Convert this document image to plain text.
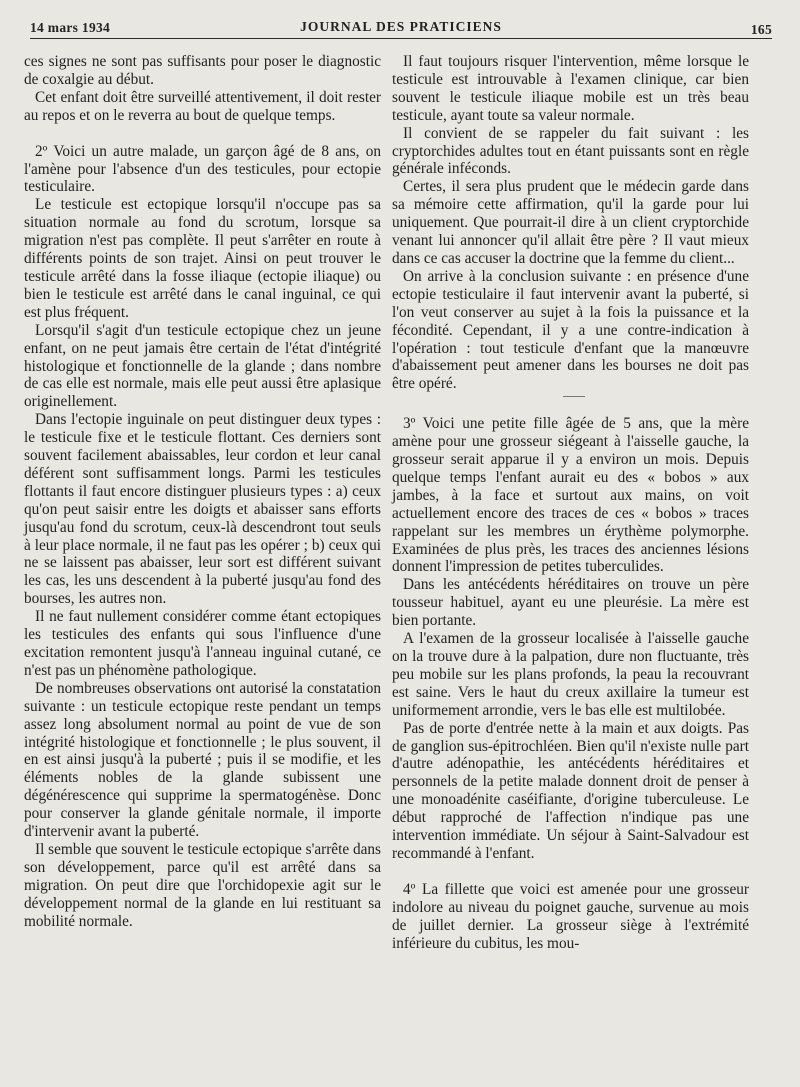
14 mars 1934	JOURNAL DES PRATICIENS	165

ces signes ne sont pas suffisants pour poser le diagnostic de coxalgie au début.

Cet enfant doit être surveillé attentivement, il doit rester au repos et on le reverra au bout de quelque temps.

2º Voici un autre malade, un garçon âgé de 8 ans, on l'amène pour l'absence d'un des testicules, pour ectopie testiculaire.

Le testicule est ectopique lorsqu'il n'occupe pas sa situation normale au fond du scrotum, lorsque sa migration n'est pas complète. Il peut s'arrêter en route à différents points de son trajet. Ainsi on peut trouver le testicule arrêté dans la fosse iliaque (ectopie iliaque) ou bien le testicule est arrêté dans le canal inguinal, ce qui est plus fréquent.

Lorsqu'il s'agit d'un testicule ectopique chez un jeune enfant, on ne peut jamais être certain de l'état d'intégrité histologique et fonctionnelle de la glande ; dans nombre de cas elle est normale, mais elle peut aussi être aplasique originellement.

Dans l'ectopie inguinale on peut distinguer deux types : le testicule fixe et le testicule flottant. Ces derniers sont souvent facilement abaissables, leur cordon et leur canal déférent sont suffisamment longs. Parmi les testicules flottants il faut encore distinguer plusieurs types : a) ceux qu'on peut saisir entre les doigts et abaisser sans efforts jusqu'au fond du scrotum, ceux-là descendront tout seuls à leur place normale, il ne faut pas les opérer ; b) ceux qui ne se laissent pas abaisser, leur sort est différent suivant les cas, les uns descendent à la puberté jusqu'au fond des bourses, les autres non.

Il ne faut nullement considérer comme étant ectopiques les testicules des enfants qui sous l'influence d'une excitation remontent jusqu'à l'anneau inguinal cutané, ce n'est pas un phénomène pathologique.

De nombreuses observations ont autorisé la constatation suivante : un testicule ectopique reste pendant un temps assez long absolument normal au point de vue de son intégrité histologique et fonctionnelle ; le plus souvent, il en est ainsi jusqu'à la puberté ; puis il se modifie, et les éléments nobles de la glande subissent une dégénérescence qui supprime la spermatogénèse. Donc pour conserver la glande génitale normale, il importe d'intervenir avant la puberté.

Il semble que souvent le testicule ectopique s'arrête dans son développement, parce qu'il est arrêté dans sa migration. On peut dire que l'orchidopexie agit sur le développement normal de la glande en lui restituant sa mobilité normale.

Il faut toujours risquer l'intervention, même lorsque le testicule est introuvable à l'examen clinique, car bien souvent le testicule iliaque mobile est un très beau testicule, ayant toute sa valeur normale.

Il convient de se rappeler du fait suivant : les cryptorchides adultes tout en étant puissants sont en règle générale inféconds.

Certes, il sera plus prudent que le médecin garde dans sa mémoire cette affirmation, qu'il la garde pour lui uniquement. Que pourrait-il dire à un client cryptorchide venant lui annoncer qu'il allait être père ? Il vaut mieux dans ce cas accuser la doctrine que la femme du client...

On arrive à la conclusion suivante : en présence d'une ectopie testiculaire il faut intervenir avant la puberté, si l'on veut conserver au sujet à la fois la puissance et la fécondité. Cependant, il y a une contre-indication à l'opération : tout testicule d'enfant que la manœuvre d'abaissement peut amener dans les bourses ne doit pas être opéré.

3º Voici une petite fille âgée de 5 ans, que la mère amène pour une grosseur siégeant à l'aisselle gauche, la grosseur serait apparue il y a environ un mois. Depuis quelque temps l'enfant aurait eu des « bobos » aux jambes, à la face et surtout aux mains, on voit actuellement encore des traces de ces « bobos » traces rappelant sur les membres un érythème polymorphe. Examinées de plus près, les traces des anciennes lésions donnent l'impression de petites tuberculides.

Dans les antécédents héréditaires on trouve un père tousseur habituel, ayant eu une pleurésie. La mère est bien portante.

A l'examen de la grosseur localisée à l'aisselle gauche on la trouve dure à la palpation, dure non fluctuante, très peu mobile sur les plans profonds, la peau la recouvrant est saine. Vers le haut du creux axillaire la tumeur est uniformement arrondie, vers le bas elle est multilobée.

Pas de porte d'entrée nette à la main et aux doigts. Pas de ganglion sus-épitrochléen. Bien qu'il n'existe nulle part d'autre adénopathie, les antécédents héréditaires et personnels de la petite malade donnent droit de penser à une monoadénite caséifiante, d'origine tuberculeuse. Le début rapproché de l'affection n'indique pas une intervention immédiate. Un séjour à Saint-Salvadour est recommandé à l'enfant.

4º La fillette que voici est amenée pour une grosseur indolore au niveau du poignet gauche, survenue au mois de juillet dernier. La grosseur siège à l'extrémité inférieure du cubitus, les mou-
